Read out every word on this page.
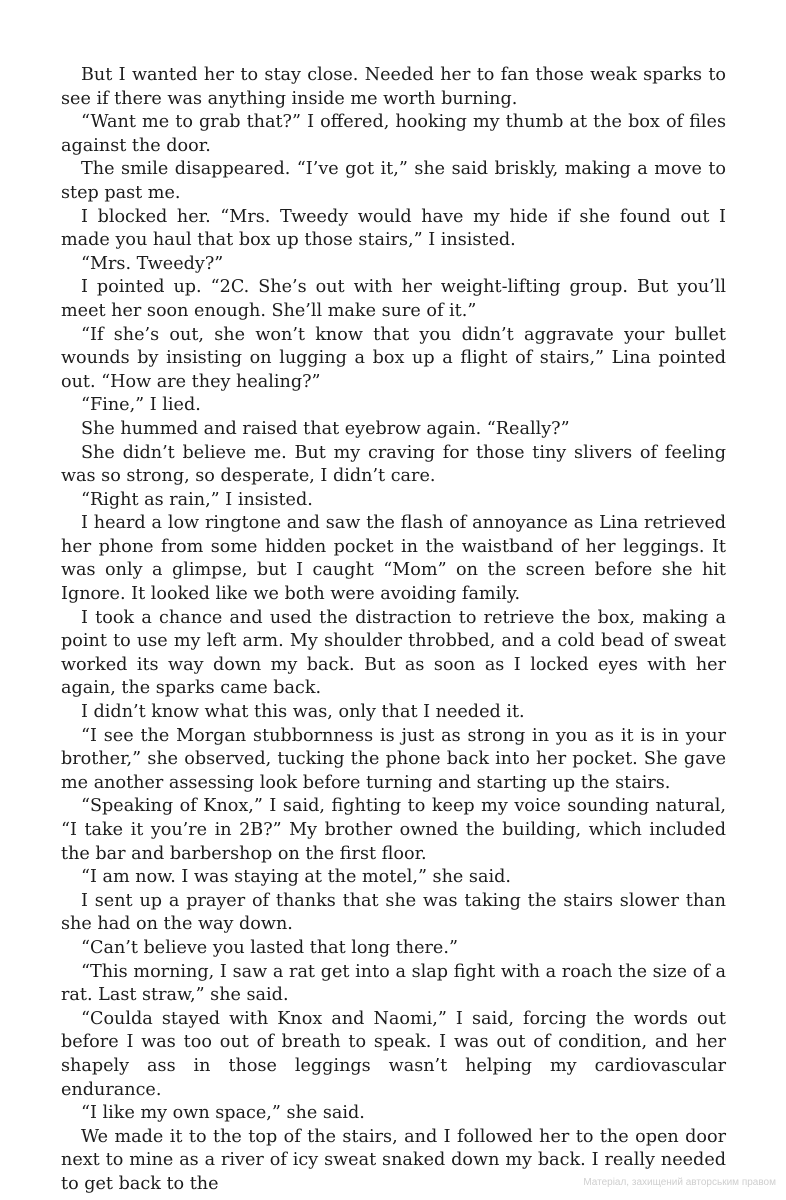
But I wanted her to stay close. Needed her to fan those weak sparks to see if there was anything inside me worth burning.

“Want me to grab that?” I offered, hooking my thumb at the box of files against the door.

The smile disappeared. “I’ve got it,” she said briskly, making a move to step past me.

I blocked her. “Mrs. Tweedy would have my hide if she found out I made you haul that box up those stairs,” I insisted.

“Mrs. Tweedy?”

I pointed up. “2C. She’s out with her weight-lifting group. But you’ll meet her soon enough. She’ll make sure of it.”

“If she’s out, she won’t know that you didn’t aggravate your bullet wounds by insisting on lugging a box up a flight of stairs,” Lina pointed out. “How are they healing?”

“Fine,” I lied.

She hummed and raised that eyebrow again. “Really?”

She didn’t believe me. But my craving for those tiny slivers of feeling was so strong, so desperate, I didn’t care.

“Right as rain,” I insisted.

I heard a low ringtone and saw the flash of annoyance as Lina retrieved her phone from some hidden pocket in the waistband of her leggings. It was only a glimpse, but I caught “Mom” on the screen before she hit Ignore. It looked like we both were avoiding family.

I took a chance and used the distraction to retrieve the box, making a point to use my left arm. My shoulder throbbed, and a cold bead of sweat worked its way down my back. But as soon as I locked eyes with her again, the sparks came back.

I didn’t know what this was, only that I needed it.

“I see the Morgan stubbornness is just as strong in you as it is in your brother,” she observed, tucking the phone back into her pocket. She gave me another assessing look before turning and starting up the stairs.

“Speaking of Knox,” I said, fighting to keep my voice sounding natural, “I take it you’re in 2B?” My brother owned the building, which included the bar and barbershop on the first floor.

“I am now. I was staying at the motel,” she said.

I sent up a prayer of thanks that she was taking the stairs slower than she had on the way down.

“Can’t believe you lasted that long there.”

“This morning, I saw a rat get into a slap fight with a roach the size of a rat. Last straw,” she said.

“Coulda stayed with Knox and Naomi,” I said, forcing the words out before I was too out of breath to speak. I was out of condition, and her shapely ass in those leggings wasn’t helping my cardiovascular endurance.

“I like my own space,” she said.

We made it to the top of the stairs, and I followed her to the open door next to mine as a river of icy sweat snaked down my back. I really needed to get back to the	Матеріал, захищений авторським правом
